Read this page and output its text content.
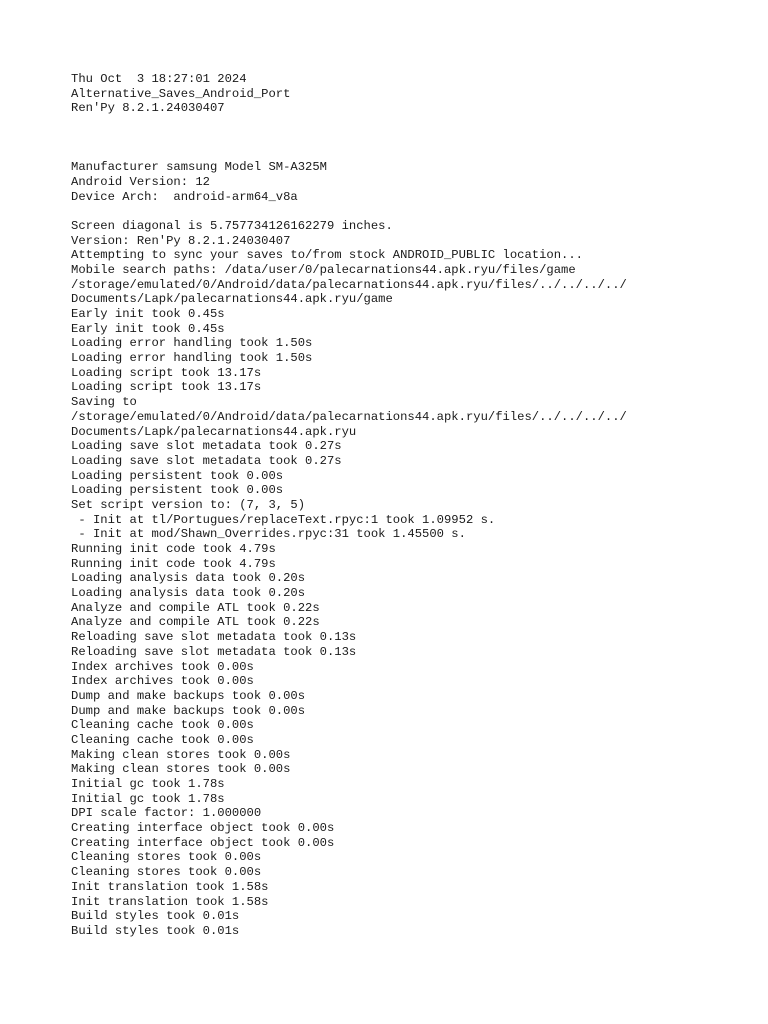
Thu Oct  3 18:27:01 2024
Alternative_Saves_Android_Port
Ren'Py 8.2.1.24030407
Manufacturer samsung Model SM-A325M
Android Version: 12
Device Arch:  android-arm64_v8a
Screen diagonal is 5.757734126162279 inches.
Version: Ren'Py 8.2.1.24030407
Attempting to sync your saves to/from stock ANDROID_PUBLIC location...
Mobile search paths: /data/user/0/palecarnations44.apk.ryu/files/game
/storage/emulated/0/Android/data/palecarnations44.apk.ryu/files/../../../../
Documents/Lapk/palecarnations44.apk.ryu/game
Early init took 0.45s
Early init took 0.45s
Loading error handling took 1.50s
Loading error handling took 1.50s
Loading script took 13.17s
Loading script took 13.17s
Saving to
/storage/emulated/0/Android/data/palecarnations44.apk.ryu/files/../../../../
Documents/Lapk/palecarnations44.apk.ryu
Loading save slot metadata took 0.27s
Loading save slot metadata took 0.27s
Loading persistent took 0.00s
Loading persistent took 0.00s
Set script version to: (7, 3, 5)
- Init at tl/Portugues/replaceText.rpyc:1 took 1.09952 s.
- Init at mod/Shawn_Overrides.rpyc:31 took 1.45500 s.
Running init code took 4.79s
Running init code took 4.79s
Loading analysis data took 0.20s
Loading analysis data took 0.20s
Analyze and compile ATL took 0.22s
Analyze and compile ATL took 0.22s
Reloading save slot metadata took 0.13s
Reloading save slot metadata took 0.13s
Index archives took 0.00s
Index archives took 0.00s
Dump and make backups took 0.00s
Dump and make backups took 0.00s
Cleaning cache took 0.00s
Cleaning cache took 0.00s
Making clean stores took 0.00s
Making clean stores took 0.00s
Initial gc took 1.78s
Initial gc took 1.78s
DPI scale factor: 1.000000
Creating interface object took 0.00s
Creating interface object took 0.00s
Cleaning stores took 0.00s
Cleaning stores took 0.00s
Init translation took 1.58s
Init translation took 1.58s
Build styles took 0.01s
Build styles took 0.01s
